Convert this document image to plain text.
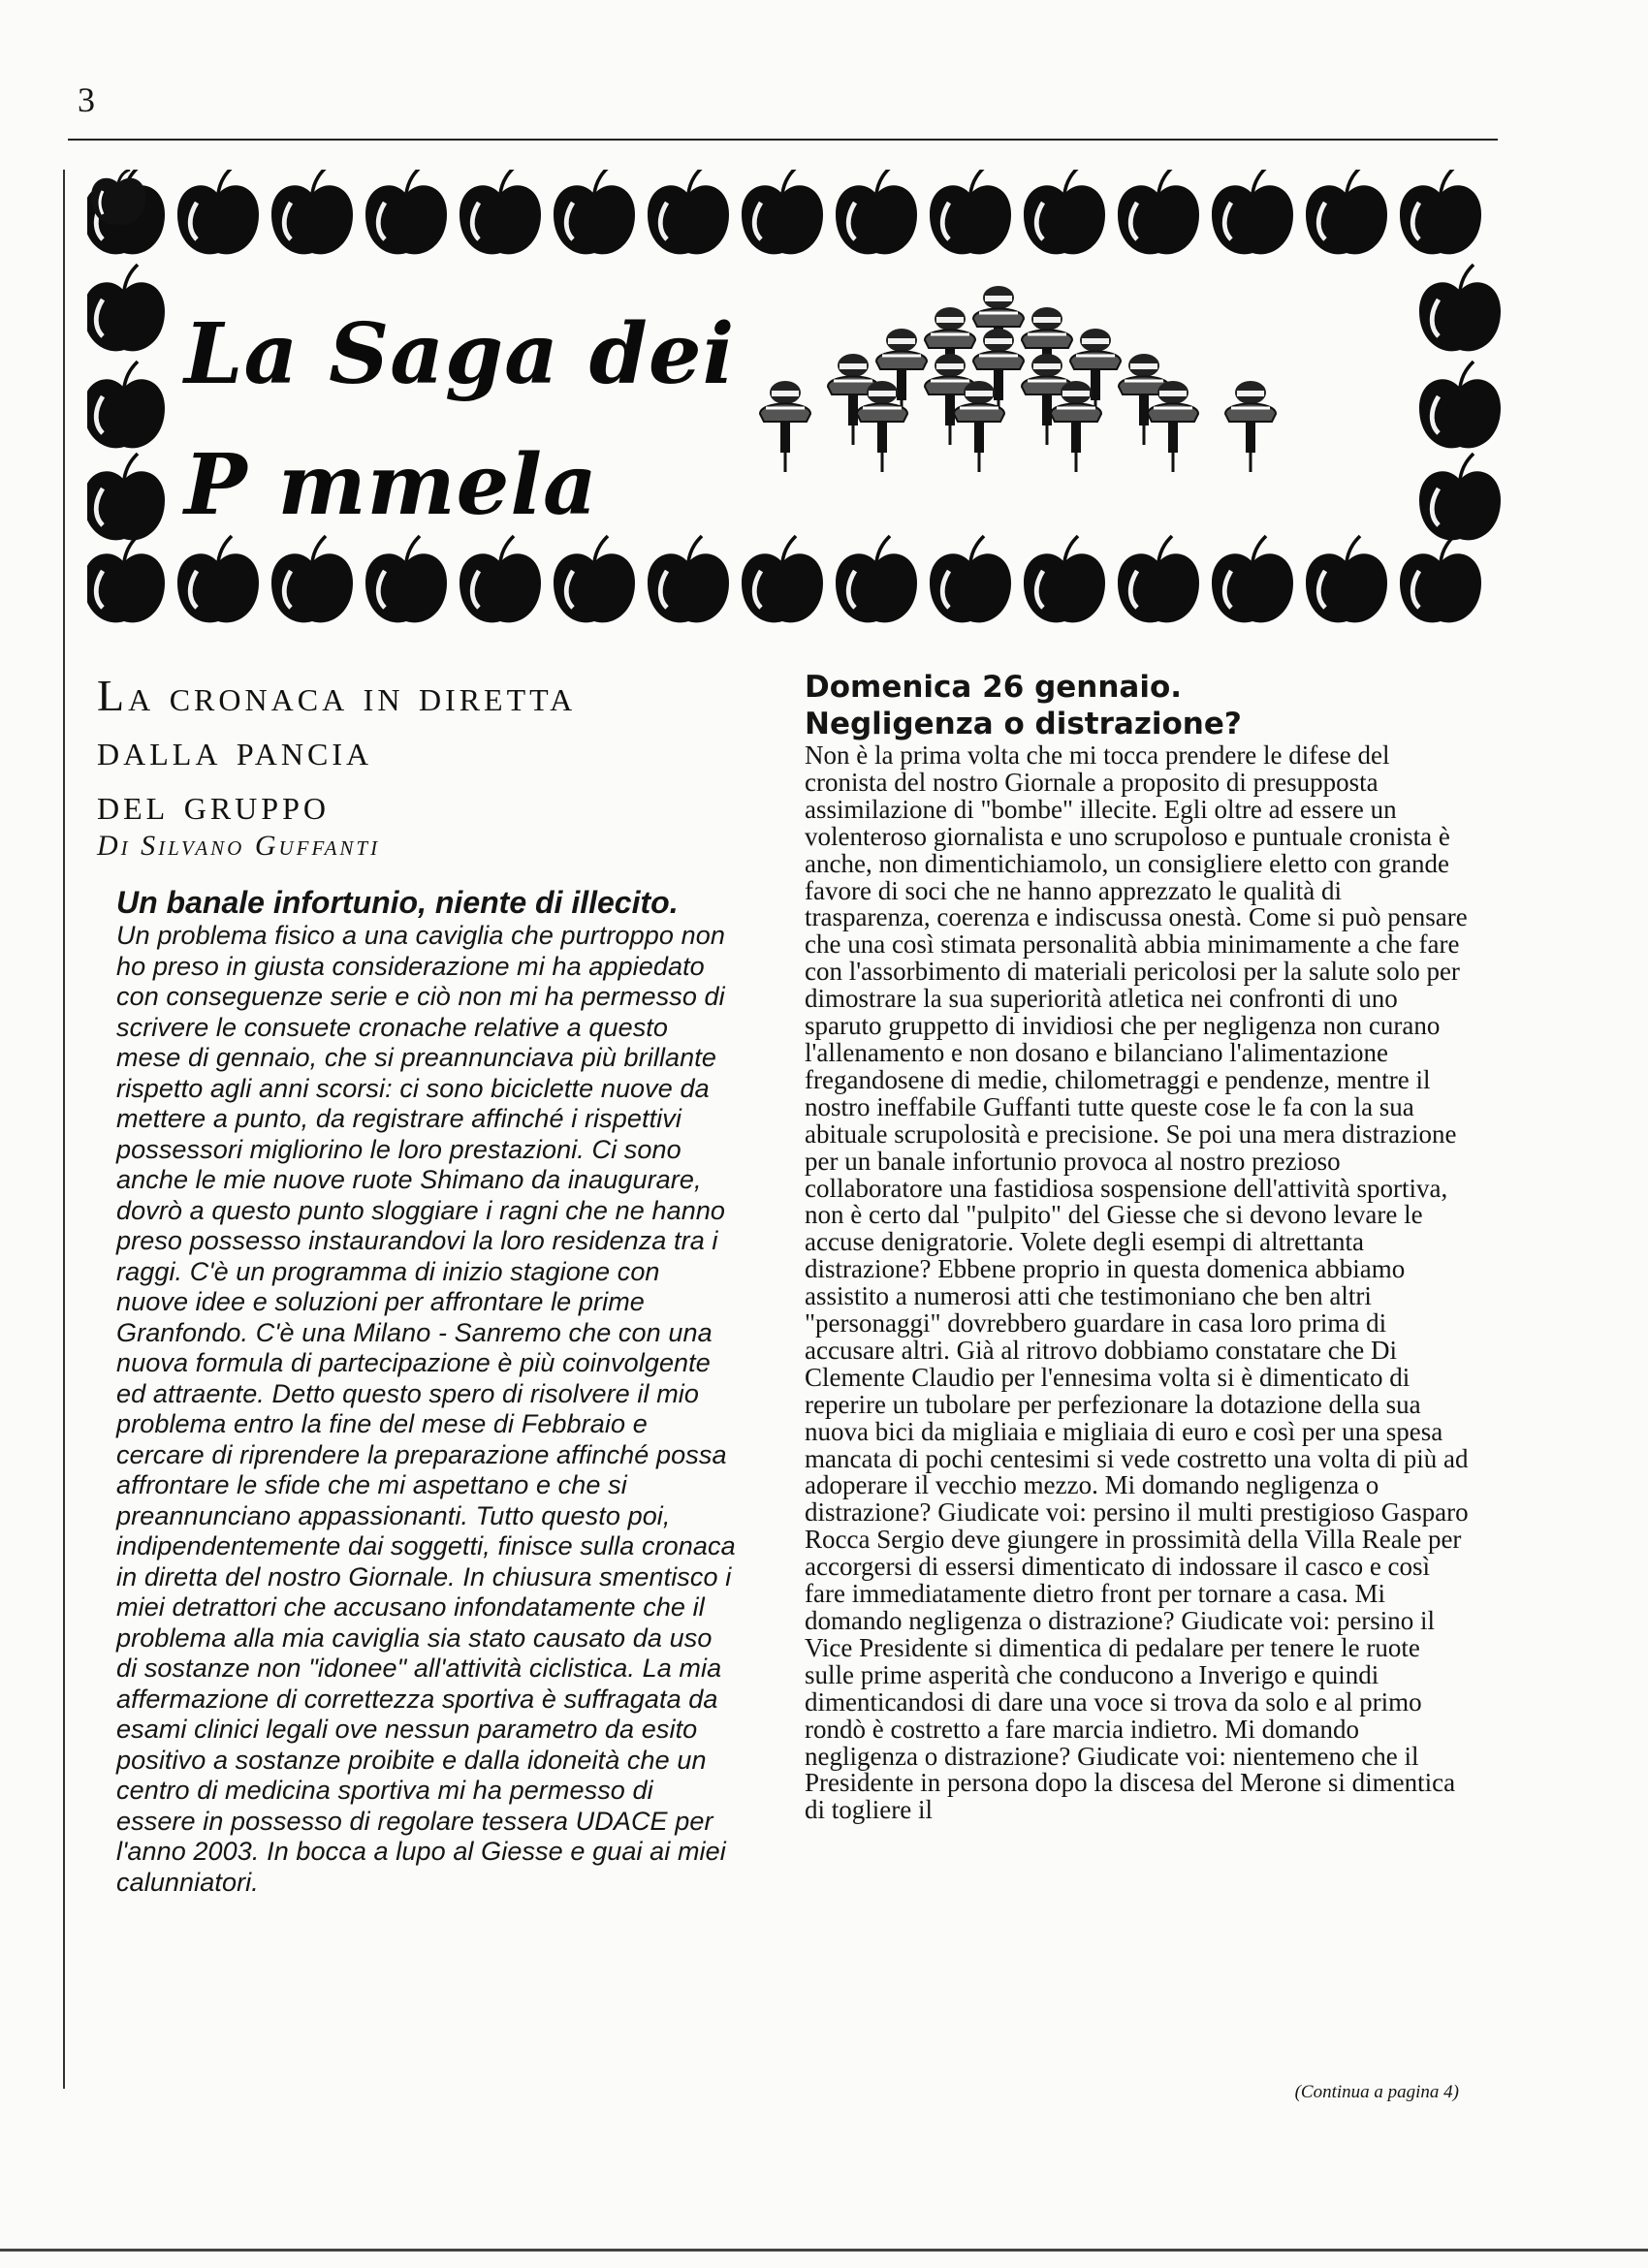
3
La Saga dei
P mmela
La cronaca in diretta
dalla pancia
del gruppo
Di Silvano Guffanti
Un banale infortunio, niente di illecito.
Un problema fisico a una caviglia che purtroppo non ho preso in giusta considerazione mi ha appiedato con conseguenze serie e ciò non mi ha permesso di scrivere le consuete cronache relative a questo mese di gennaio, che si preannunciava più brillante rispetto agli anni scorsi: ci sono biciclette nuove da mettere a punto, da registrare affinché i rispettivi possessori migliorino le loro prestazioni. Ci sono anche le mie nuove ruote Shimano da inaugurare, dovrò a questo punto sloggiare i ragni che ne hanno preso possesso instaurandovi la loro residenza tra i raggi. C'è un programma di inizio stagione con nuove idee e soluzioni per affrontare le prime Granfondo. C'è una Milano - Sanremo che con una nuova formula di partecipazione è più coinvolgente ed attraente. Detto questo spero di risolvere il mio problema entro la fine del mese di Febbraio e cercare di riprendere la preparazione affinché possa affrontare le sfide che mi aspettano e che si preannunciano appassionanti. Tutto questo poi, indipendentemente dai soggetti, finisce sulla cronaca in diretta del nostro Giornale. In chiusura smentisco i miei detrattori che accusano infondatamente che il problema alla mia caviglia sia stato causato da uso di sostanze non "idonee" all'attività ciclistica. La mia affermazione di correttezza sportiva è suffragata da esami clinici legali ove nessun parametro da esito positivo a sostanze proibite e dalla idoneità che un centro di medicina sportiva mi ha permesso di essere in possesso di regolare tessera UDACE per l'anno 2003. In bocca a lupo al Giesse e guai ai miei calunniatori.
Domenica 26 gennaio.
Negligenza o distrazione?
Non è la prima volta che mi tocca prendere le difese del cronista del nostro Giornale a proposito di presupposta assimilazione di "bombe" illecite. Egli oltre ad essere un volenteroso giornalista e uno scrupoloso e puntuale cronista è anche, non dimentichiamolo, un consigliere eletto con grande favore di soci che ne hanno apprezzato le qualità di trasparenza, coerenza e indiscussa onestà. Come si può pensare che una così stimata personalità abbia minimamente a che fare con l'assorbimento di materiali pericolosi per la salute solo per dimostrare la sua superiorità atletica nei confronti di uno sparuto gruppetto di invidiosi che per negligenza non curano l'allenamento e non dosano e bilanciano l'alimentazione fregandosene di medie, chilometraggi e pendenze, mentre il nostro ineffabile Guffanti tutte queste cose le fa con la sua abituale scrupolosità e precisione. Se poi una mera distrazione per un banale infortunio provoca al nostro prezioso collaboratore una fastidiosa sospensione dell'attività sportiva, non è certo dal "pulpito" del Giesse che si devono levare le accuse denigratorie. Volete degli esempi di altrettanta distrazione? Ebbene proprio in questa domenica abbiamo assistito a numerosi atti che testimoniano che ben altri "personaggi" dovrebbero guardare in casa loro prima di accusare altri. Già al ritrovo dobbiamo constatare che Di Clemente Claudio per l'ennesima volta si è dimenticato di reperire un tubolare per perfezionare la dotazione della sua nuova bici da migliaia e migliaia di euro e così per una spesa mancata di pochi centesimi si vede costretto una volta di più ad adoperare il vecchio mezzo. Mi domando negligenza o distrazione? Giudicate voi: persino il multi prestigioso Gasparo Rocca Sergio deve giungere in prossimità della Villa Reale per accorgersi di essersi dimenticato di indossare il casco e così fare immediatamente dietro front per tornare a casa. Mi domando negligenza o distrazione? Giudicate voi: persino il Vice Presidente si dimentica di pedalare per tenere le ruote sulle prime asperità che conducono a Inverigo e quindi dimenticandosi di dare una voce si trova da solo e al primo rondò è costretto a fare marcia indietro. Mi domando negligenza o distrazione? Giudicate voi: nientemeno che il Presidente in persona dopo la discesa del Merone si dimentica di togliere il
(Continua a pagina 4)
